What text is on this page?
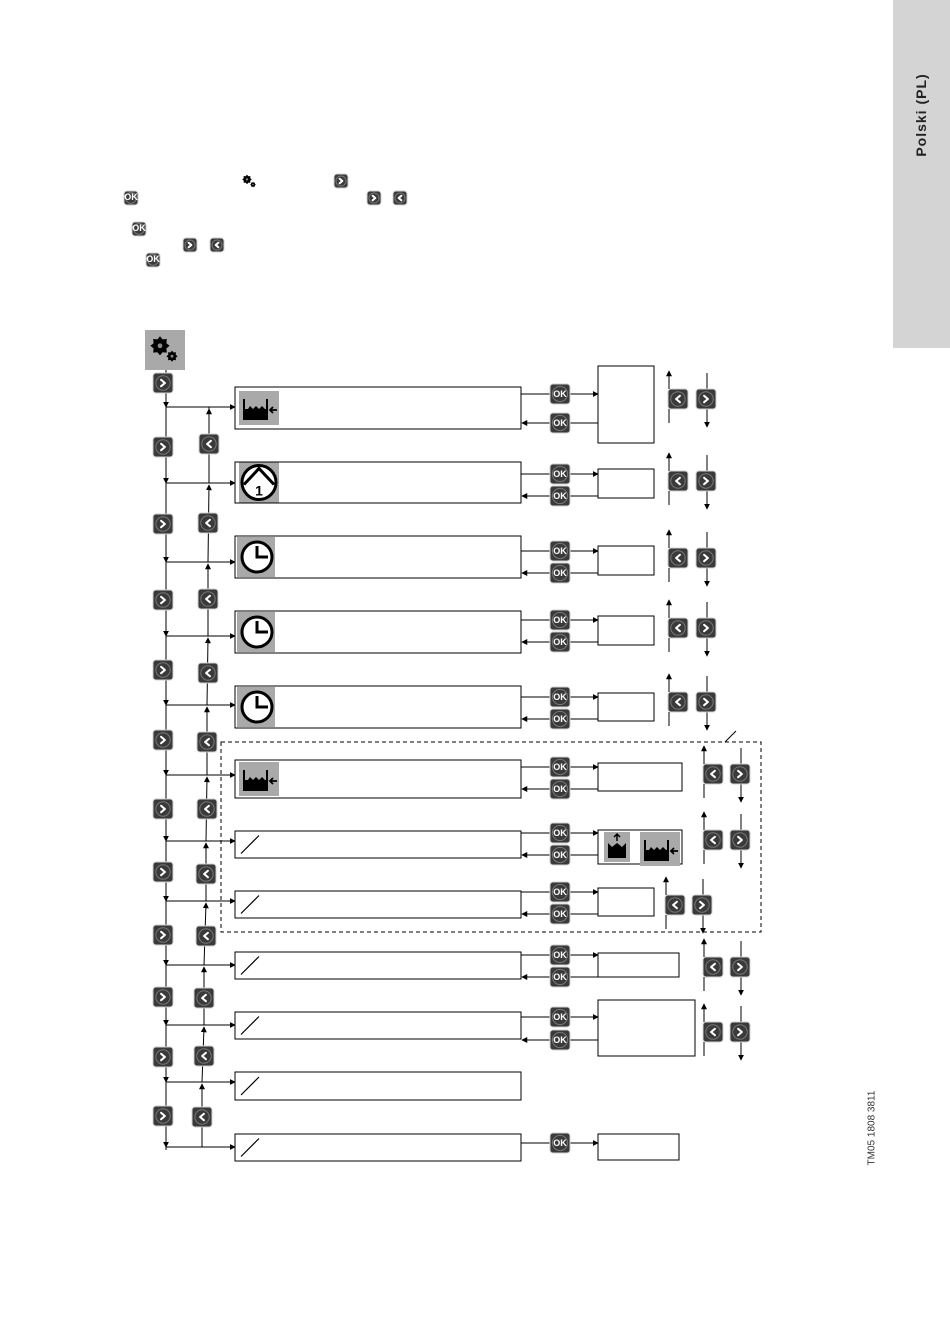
Polski (PL)
TM05 1808 3811
OK
OK
OK
1
OK
OK
OK
OK
OK
OK
OK
OK
OK
OK
OK
OK
OK
OK
OK
OK
OK
OK
OK
OK
OK
